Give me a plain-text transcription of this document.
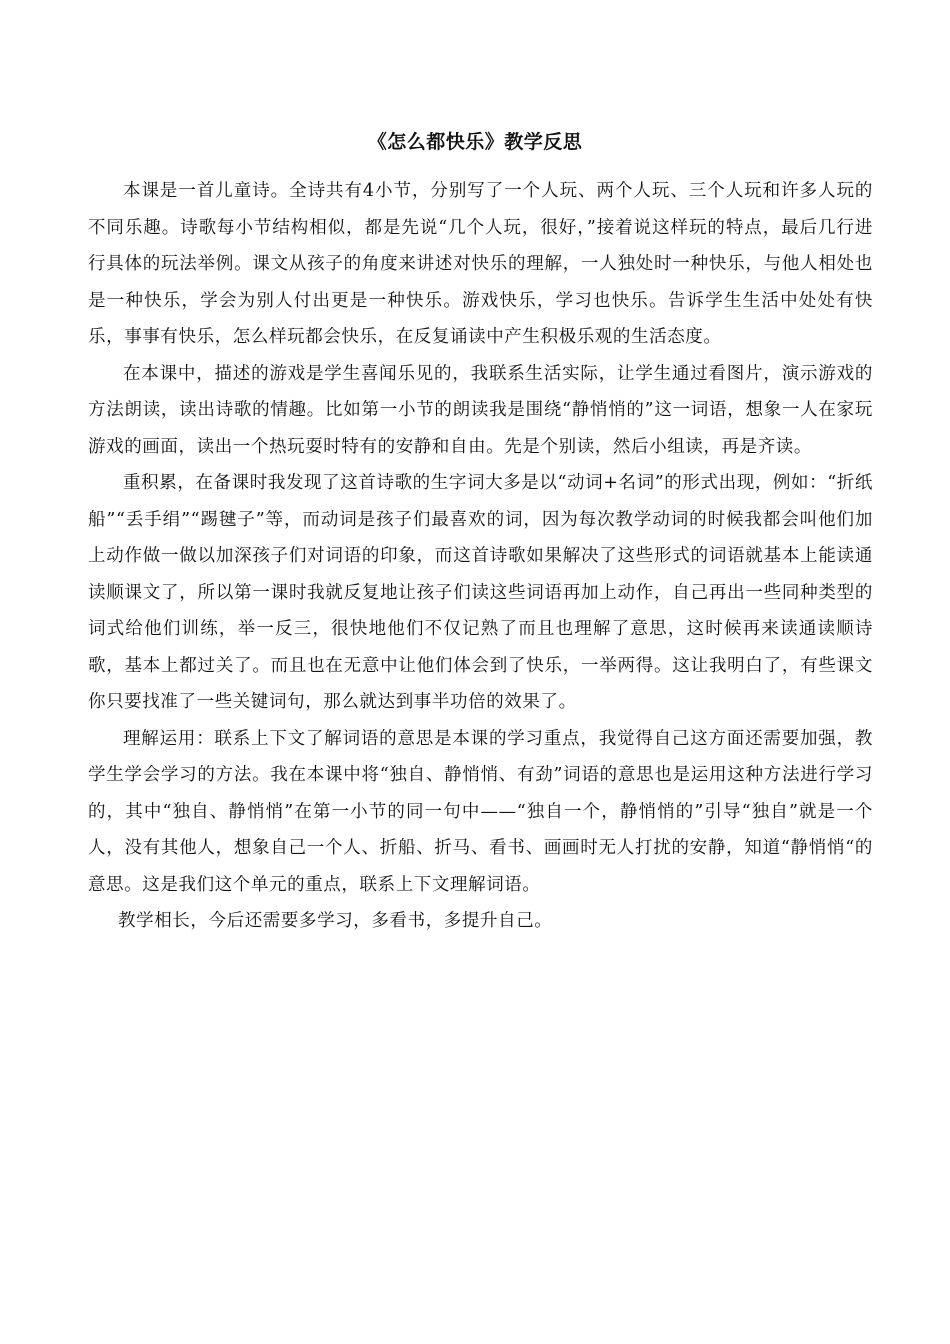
《怎么都快乐》教学反思

本课是一首儿童诗。全诗共有4小节，分别写了一个人玩、两个人玩、三个人玩和许多人玩的不同乐趣。诗歌每小节结构相似，都是先说“几个人玩，很好，”接着说这样玩的特点，最后几行进行具体的玩法举例。课文从孩子的角度来讲述对快乐的理解，一人独处时一种快乐，与他人相处也是一种快乐，学会为别人付出更是一种快乐。游戏快乐，学习也快乐。告诉学生生活中处处有快乐，事事有快乐，怎么样玩都会快乐，在反复诵读中产生积极乐观的生活态度。

在本课中，描述的游戏是学生喜闻乐见的，我联系生活实际，让学生通过看图片，演示游戏的方法朗读，读出诗歌的情趣。比如第一小节的朗读我是围绕“静悄悄的”这一词语，想象一人在家玩游戏的画面，读出一个热玩耍时特有的安静和自由。先是个别读，然后小组读，再是齐读。

重积累，在备课时我发现了这首诗歌的生字词大多是以“动词+名词”的形式出现，例如：“折纸船”“丢手绢”“踢毽子”等，而动词是孩子们最喜欢的词，因为每次教学动词的时候我都会叫他们加上动作做一做以加深孩子们对词语的印象，而这首诗歌如果解决了这些形式的词语就基本上能读通读顺课文了，所以第一课时我就反复地让孩子们读这些词语再加上动作，自己再出一些同种类型的词式给他们训练，举一反三，很快地他们不仅记熟了而且也理解了意思，这时候再来读通读顺诗歌，基本上都过关了。而且也在无意中让他们体会到了快乐，一举两得。这让我明白了，有些课文你只要找准了一些关键词句，那么就达到事半功倍的效果了。

理解运用：联系上下文了解词语的意思是本课的学习重点，我觉得自己这方面还需要加强，教学生学会学习的方法。我在本课中将“独自、静悄悄、有劲”词语的意思也是运用这种方法进行学习的，其中“独自、静悄悄”在第一小节的同一句中——“独自一个，静悄悄的”引导“独自”就是一个人，没有其他人，想象自己一个人、折船、折马、看书、画画时无人打扰的安静，知道“静悄悄“的意思。这是我们这个单元的重点，联系上下文理解词语。

教学相长，今后还需要多学习，多看书，多提升自己。
